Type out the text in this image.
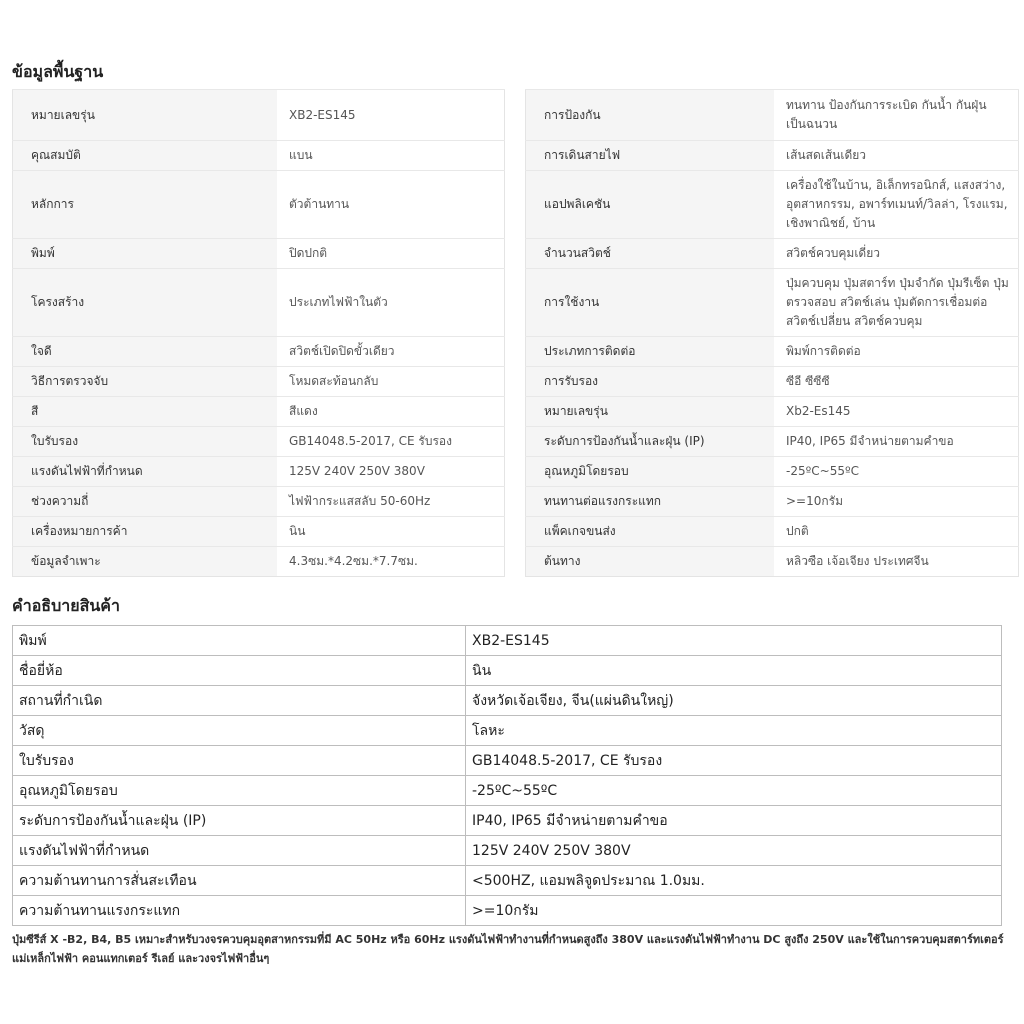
ข้อมูลพื้นฐาน
หมายเลขรุ่น	XB2-ES145
คุณสมบัติ	แบน
หลักการ	ตัวต้านทาน
พิมพ์	ปิดปกติ
โครงสร้าง	ประเภทไฟฟ้าในตัว
ใจดี	สวิตช์เปิดปิดขั้วเดียว
วิธีการตรวจจับ	โหมดสะท้อนกลับ
สี	สีแดง
ใบรับรอง	GB14048.5-2017, CE รับรอง
แรงดันไฟฟ้าที่กำหนด	125V 240V 250V 380V
ช่วงความถี่	ไฟฟ้ากระแสสลับ 50-60Hz
เครื่องหมายการค้า	นิน
ข้อมูลจำเพาะ	4.3ซม.*4.2ซม.*7.7ซม.
การป้องกัน	ทนทาน ป้องกันการระเบิด กันน้ำ กันฝุ่น เป็นฉนวน
การเดินสายไฟ	เส้นสดเส้นเดียว
แอปพลิเคชัน	เครื่องใช้ในบ้าน, อิเล็กทรอนิกส์, แสงสว่าง, อุตสาหกรรม, อพาร์ทเมนท์/วิลล่า, โรงแรม, เชิงพาณิชย์, บ้าน
จำนวนสวิตช์	สวิตช์ควบคุมเดี่ยว
การใช้งาน	ปุ่มควบคุม ปุ่มสตาร์ท ปุ่มจำกัด ปุ่มรีเซ็ต ปุ่มตรวจสอบ สวิตช์เล่น ปุ่มตัดการเชื่อมต่อ สวิตช์เปลี่ยน สวิตช์ควบคุม
ประเภทการติดต่อ	พิมพ์การติดต่อ
การรับรอง	ซีอี ซีซีซี
หมายเลขรุ่น	Xb2-Es145
ระดับการป้องกันน้ำและฝุ่น (IP)	IP40, IP65 มีจำหน่ายตามคำขอ
อุณหภูมิโดยรอบ	-25ºC~55ºC
ทนทานต่อแรงกระแทก	>=10กรัม
แพ็คเกจขนส่ง	ปกติ
ต้นทาง	หลิวซือ เจ้อเจียง ประเทศจีน
คำอธิบายสินค้า
พิมพ์	XB2-ES145
ชื่อยี่ห้อ	นิน
สถานที่กำเนิด	จังหวัดเจ้อเจียง, จีน(แผ่นดินใหญ่)
วัสดุ	โลหะ
ใบรับรอง	GB14048.5-2017, CE รับรอง
อุณหภูมิโดยรอบ	-25ºC~55ºC
ระดับการป้องกันน้ำและฝุ่น (IP)	IP40, IP65 มีจำหน่ายตามคำขอ
แรงดันไฟฟ้าที่กำหนด	125V 240V 250V 380V
ความต้านทานการสั่นสะเทือน	<500HZ, แอมพลิจูดประมาณ 1.0มม.
ความต้านทานแรงกระแทก	>=10กรัม
ปุ่มซีรีส์ X -B2, B4, B5 เหมาะสำหรับวงจรควบคุมอุตสาหกรรมที่มี AC 50Hz หรือ 60Hz แรงดันไฟฟ้าทำงานที่กำหนดสูงถึง 380V และแรงดันไฟฟ้าทำงาน DC สูงถึง 250V และใช้ในการควบคุมสตาร์ทเตอร์แม่เหล็กไฟฟ้า คอนแทกเตอร์ รีเลย์ และวงจรไฟฟ้าอื่นๆ
